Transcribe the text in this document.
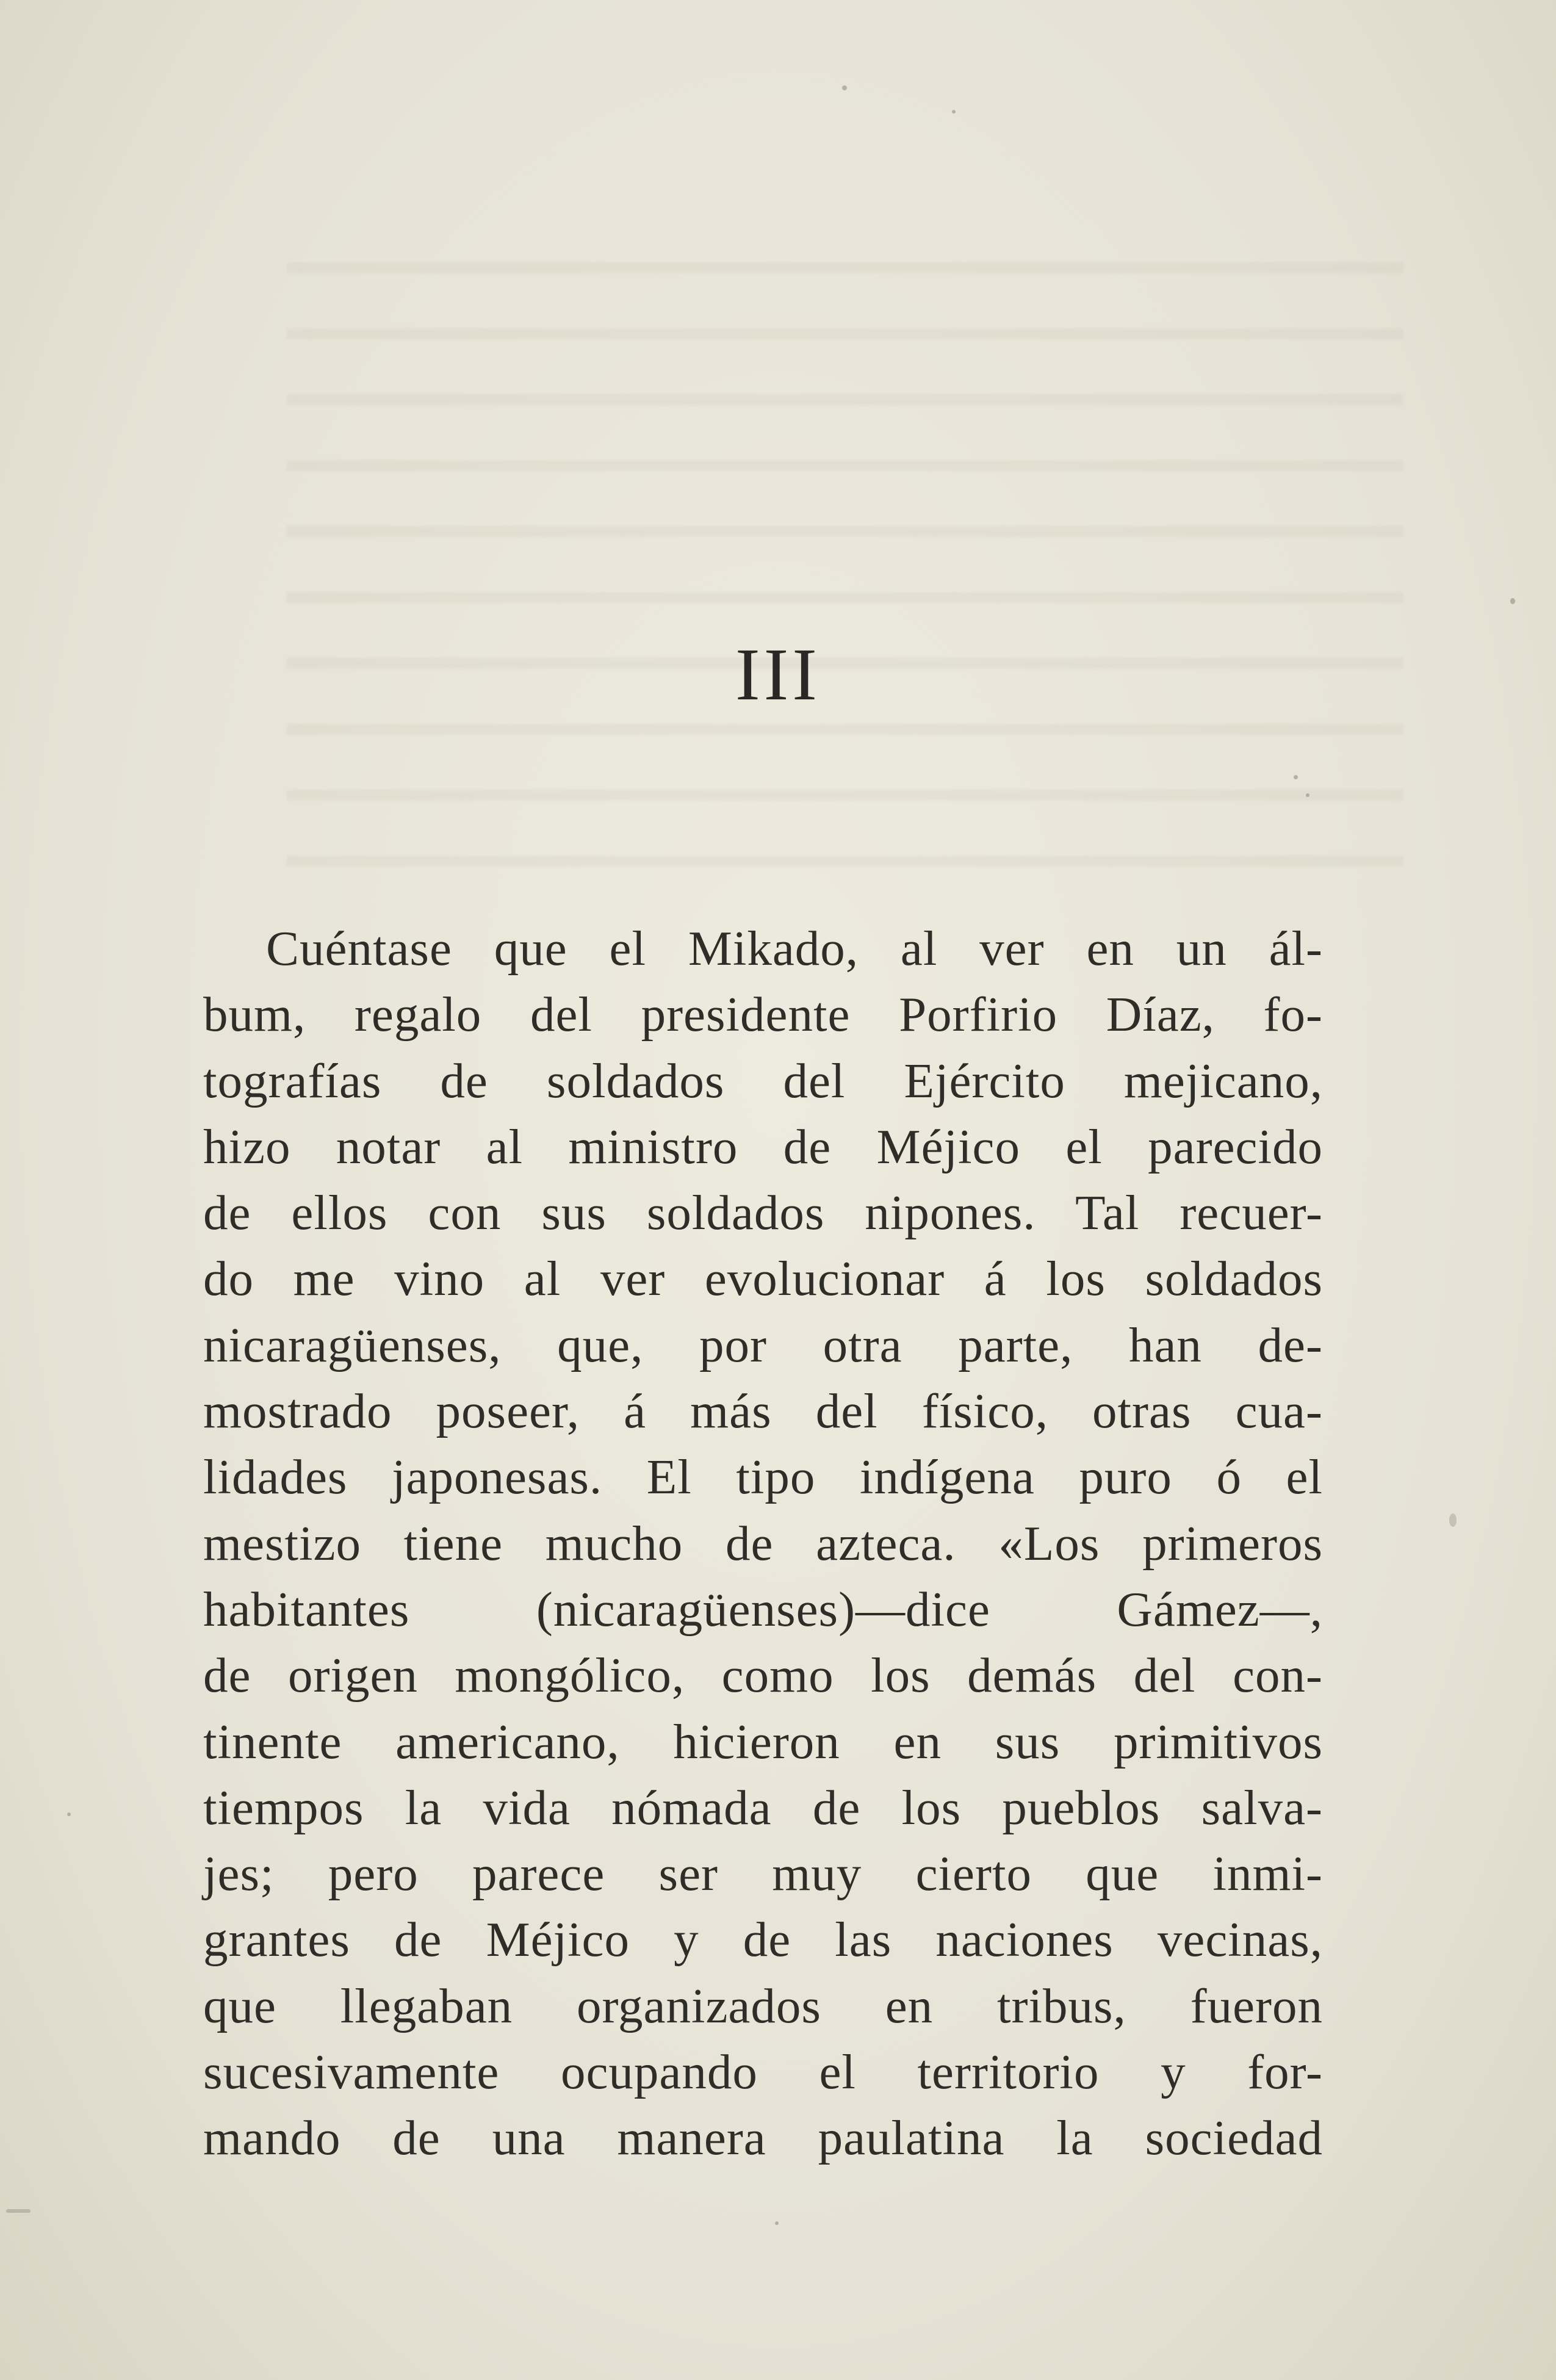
III
Cuéntase que el Mikado, al ver en un ál-
bum, regalo del presidente Porfirio Díaz, fo-
tografías de soldados del Ejército mejicano,
hizo notar al ministro de Méjico el parecido
de ellos con sus soldados nipones. Tal recuer-
do me vino al ver evolucionar á los soldados
nicaragüenses, que, por otra parte, han de-
mostrado poseer, á más del físico, otras cua-
lidades japonesas. El tipo indígena puro ó el
mestizo tiene mucho de azteca. «Los primeros
habitantes (nicaragüenses)—dice Gámez—,
de origen mongólico, como los demás del con-
tinente americano, hicieron en sus primitivos
tiempos la vida nómada de los pueblos salva-
jes; pero parece ser muy cierto que inmi-
grantes de Méjico y de las naciones vecinas,
que llegaban organizados en tribus, fueron
sucesivamente ocupando el territorio y for-
mando de una manera paulatina la sociedad
